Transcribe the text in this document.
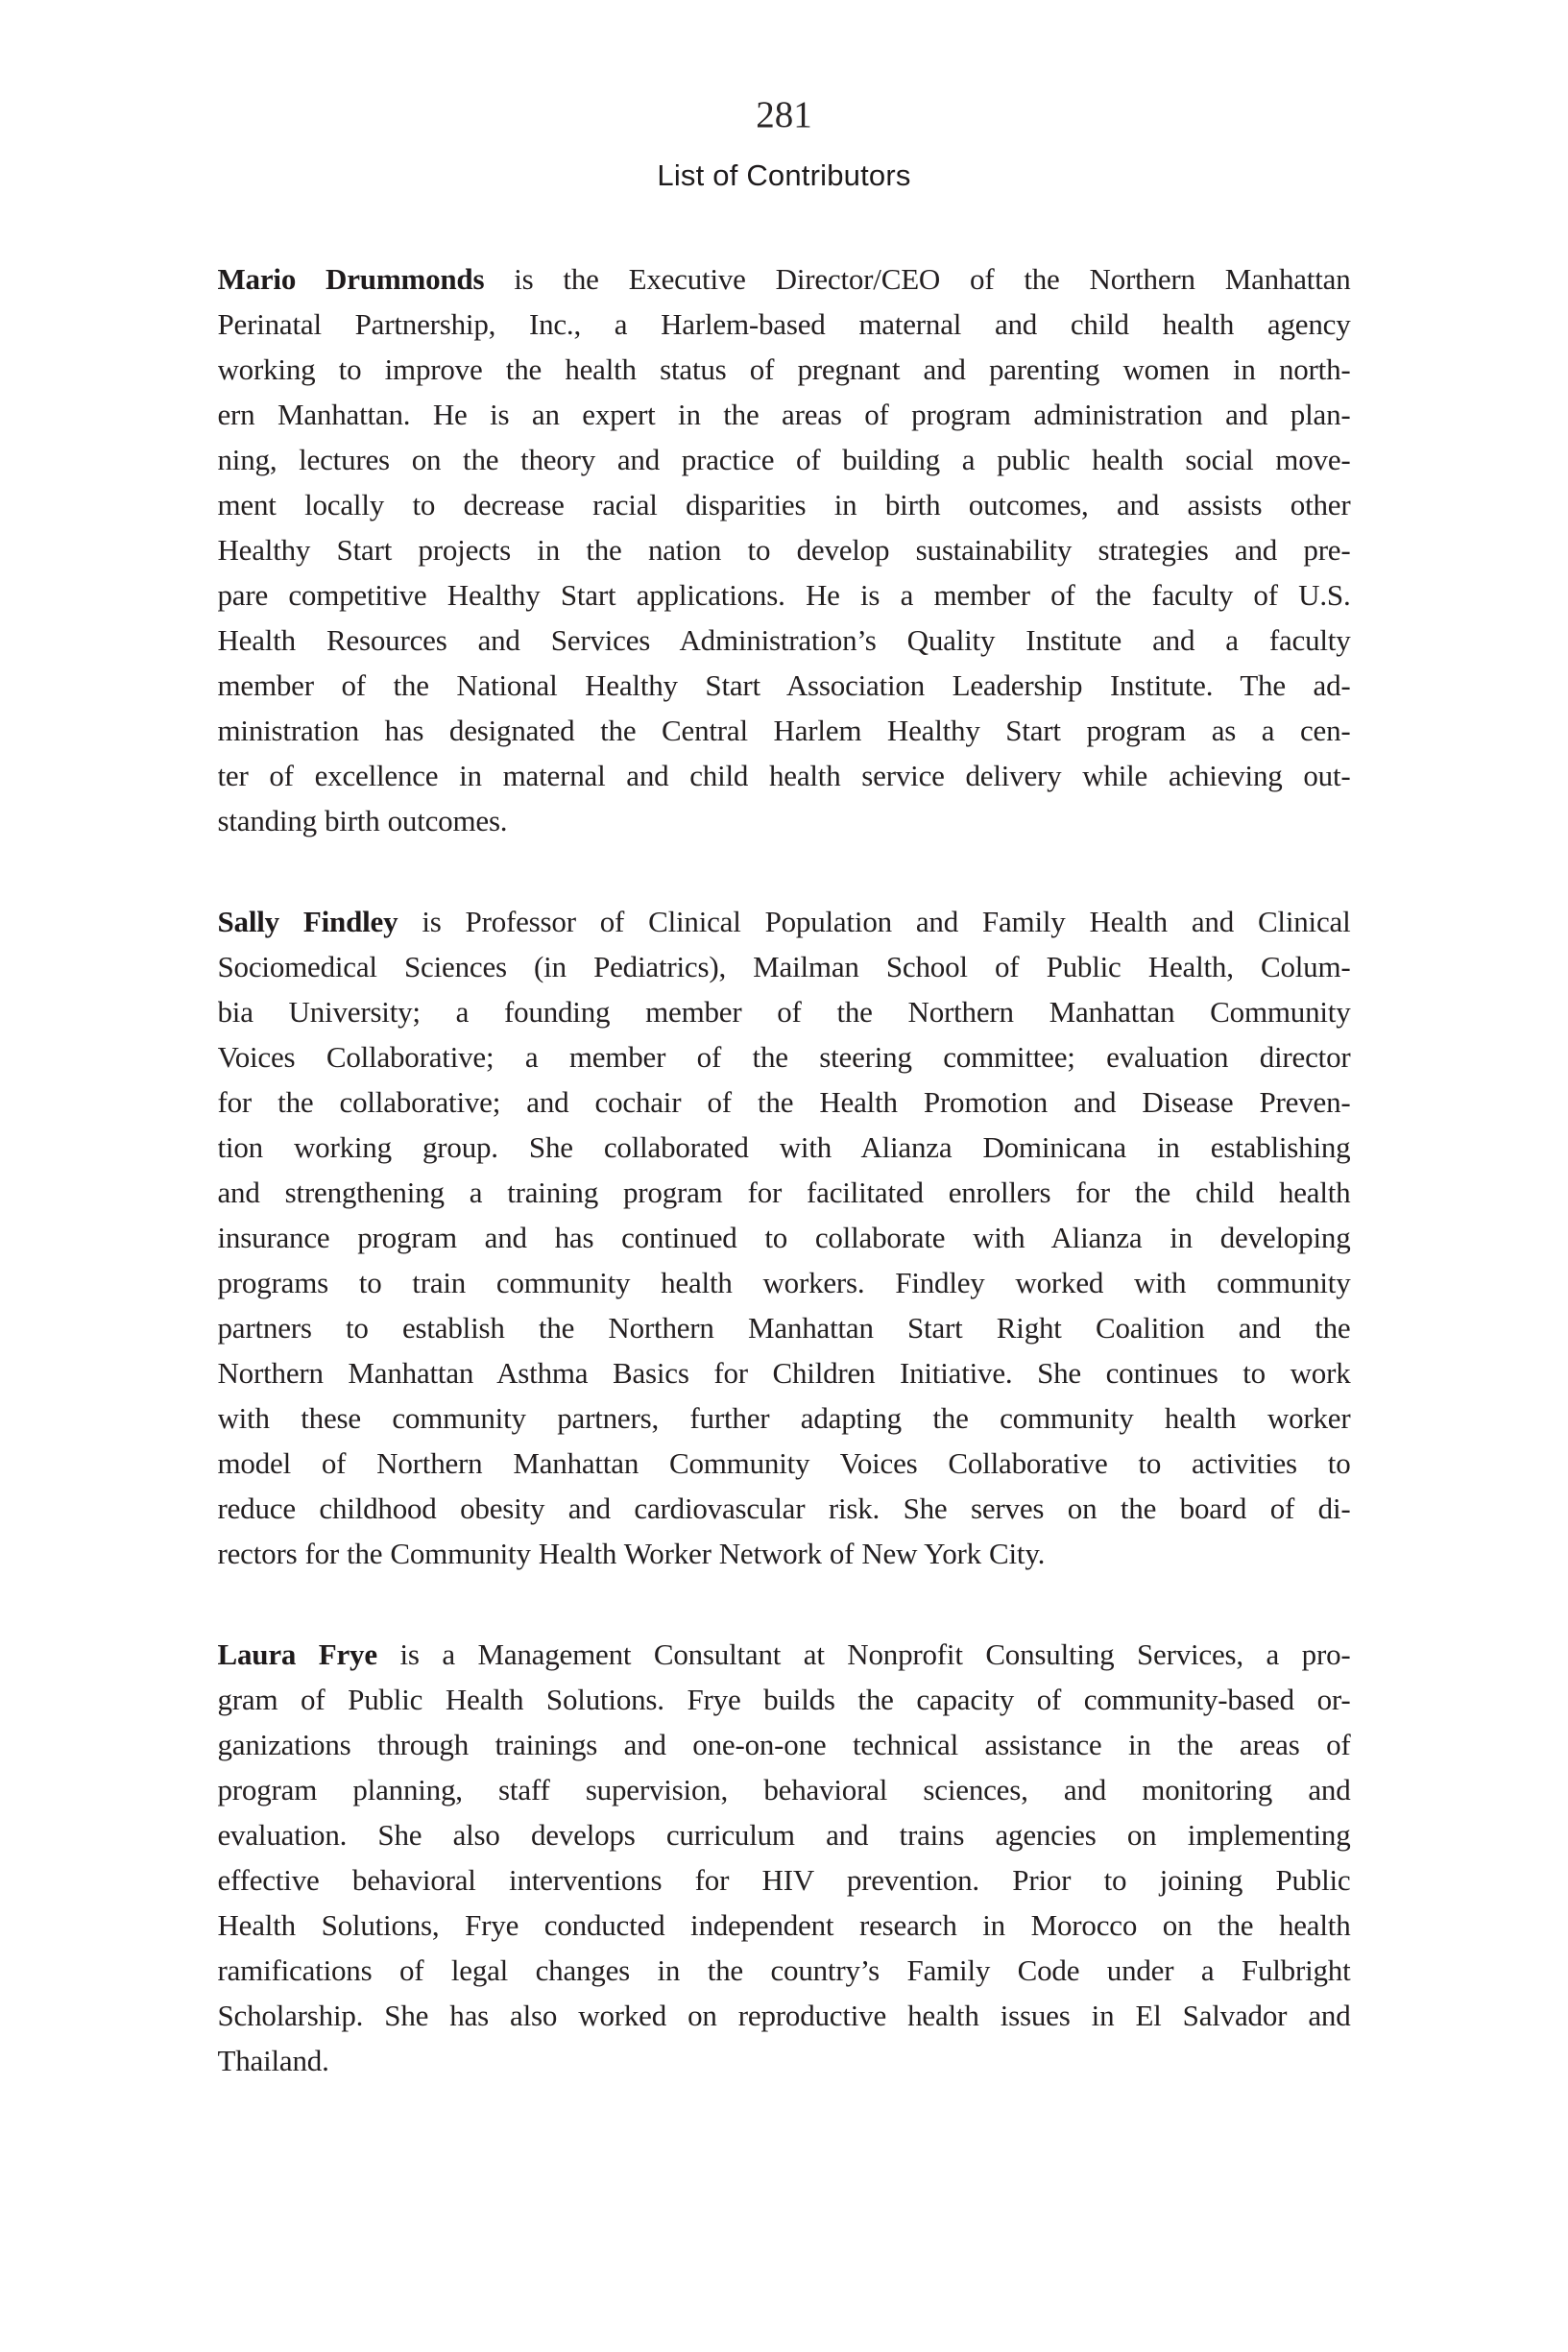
281
List of Contributors
Mario Drummonds is the Executive Director/CEO of the Northern Manhattan
Perinatal Partnership, Inc., a Harlem-based maternal and child health agency
working to improve the health status of pregnant and parenting women in north-
ern Manhattan. He is an expert in the areas of program administration and plan-
ning, lectures on the theory and practice of building a public health social move-
ment locally to decrease racial disparities in birth outcomes, and assists other
Healthy Start projects in the nation to develop sustainability strategies and pre-
pare competitive Healthy Start applications. He is a member of the faculty of U.S.
Health Resources and Services Administration’s Quality Institute and a faculty
member of the National Healthy Start Association Leadership Institute. The ad-
ministration has designated the Central Harlem Healthy Start program as a cen-
ter of excellence in maternal and child health service delivery while achieving out-
standing birth outcomes.
Sally Findley is Professor of Clinical Population and Family Health and Clinical
Sociomedical Sciences (in Pediatrics), Mailman School of Public Health, Colum-
bia University; a founding member of the Northern Manhattan Community
Voices Collaborative; a member of the steering committee; evaluation director
for the collaborative; and cochair of the Health Promotion and Disease Preven-
tion working group. She collaborated with Alianza Dominicana in establishing
and strengthening a training program for facilitated enrollers for the child health
insurance program and has continued to collaborate with Alianza in developing
programs to train community health workers. Findley worked with community
partners to establish the Northern Manhattan Start Right Coalition and the
Northern Manhattan Asthma Basics for Children Initiative. She continues to work
with these community partners, further adapting the community health worker
model of Northern Manhattan Community Voices Collaborative to activities to
reduce childhood obesity and cardiovascular risk. She serves on the board of di-
rectors for the Community Health Worker Network of New York City.
Laura Frye is a Management Consultant at Nonprofit Consulting Services, a pro-
gram of Public Health Solutions. Frye builds the capacity of community-based or-
ganizations through trainings and one-on-one technical assistance in the areas of
program planning, staff supervision, behavioral sciences, and monitoring and
evaluation. She also develops curriculum and trains agencies on implementing
effective behavioral interventions for HIV prevention. Prior to joining Public
Health Solutions, Frye conducted independent research in Morocco on the health
ramifications of legal changes in the country’s Family Code under a Fulbright
Scholarship. She has also worked on reproductive health issues in El Salvador and
Thailand.
